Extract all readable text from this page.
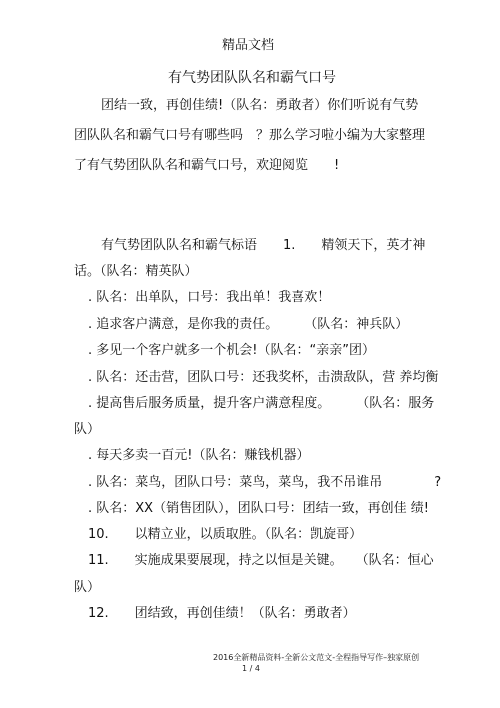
精品文档
有气势团队队名和霸气口号
团结一致，再创佳绩!（队名：勇敢者）你们听说有气势
团队队名和霸气口号有哪些吗　？那么学习啦小编为大家整理
了有气势团队队名和霸气口号，欢迎阅览　　!
有气势团队队名和霸气标语　　1.　　精领天下，英才神
话。（队名：精英队）
. 队名：出单队，口号：我出单！我喜欢！
. 追求客户满意，是你我的责任。　　　（队名：神兵队）
. 多见一个客户就多一个机会!（队名：“亲亲”团）
. 队名：还击营，团队口号：还我奖杯，击溃敌队，营 养均衡
. 提高售后服务质量，提升客户满意程度。　　　（队名：服务
队）
. 每天多卖一百元!（队名：赚钱机器）
. 队名：菜鸟，团队口号：菜鸟，菜鸟，我不吊谁吊　　　　?
. 队名：XX（销售团队），团队口号：团结一致，再创佳 绩!
10.　　以精立业，以质取胜。（队名：凯旋哥）
11.　　实施成果要展现，持之以恒是关键。　　（队名：恒心
队）
12.　　团结致，再创佳绩！（队名：勇敢者）
2016全新精品资料-全新公文范文-全程指导写作–独家原创
1 / 4
